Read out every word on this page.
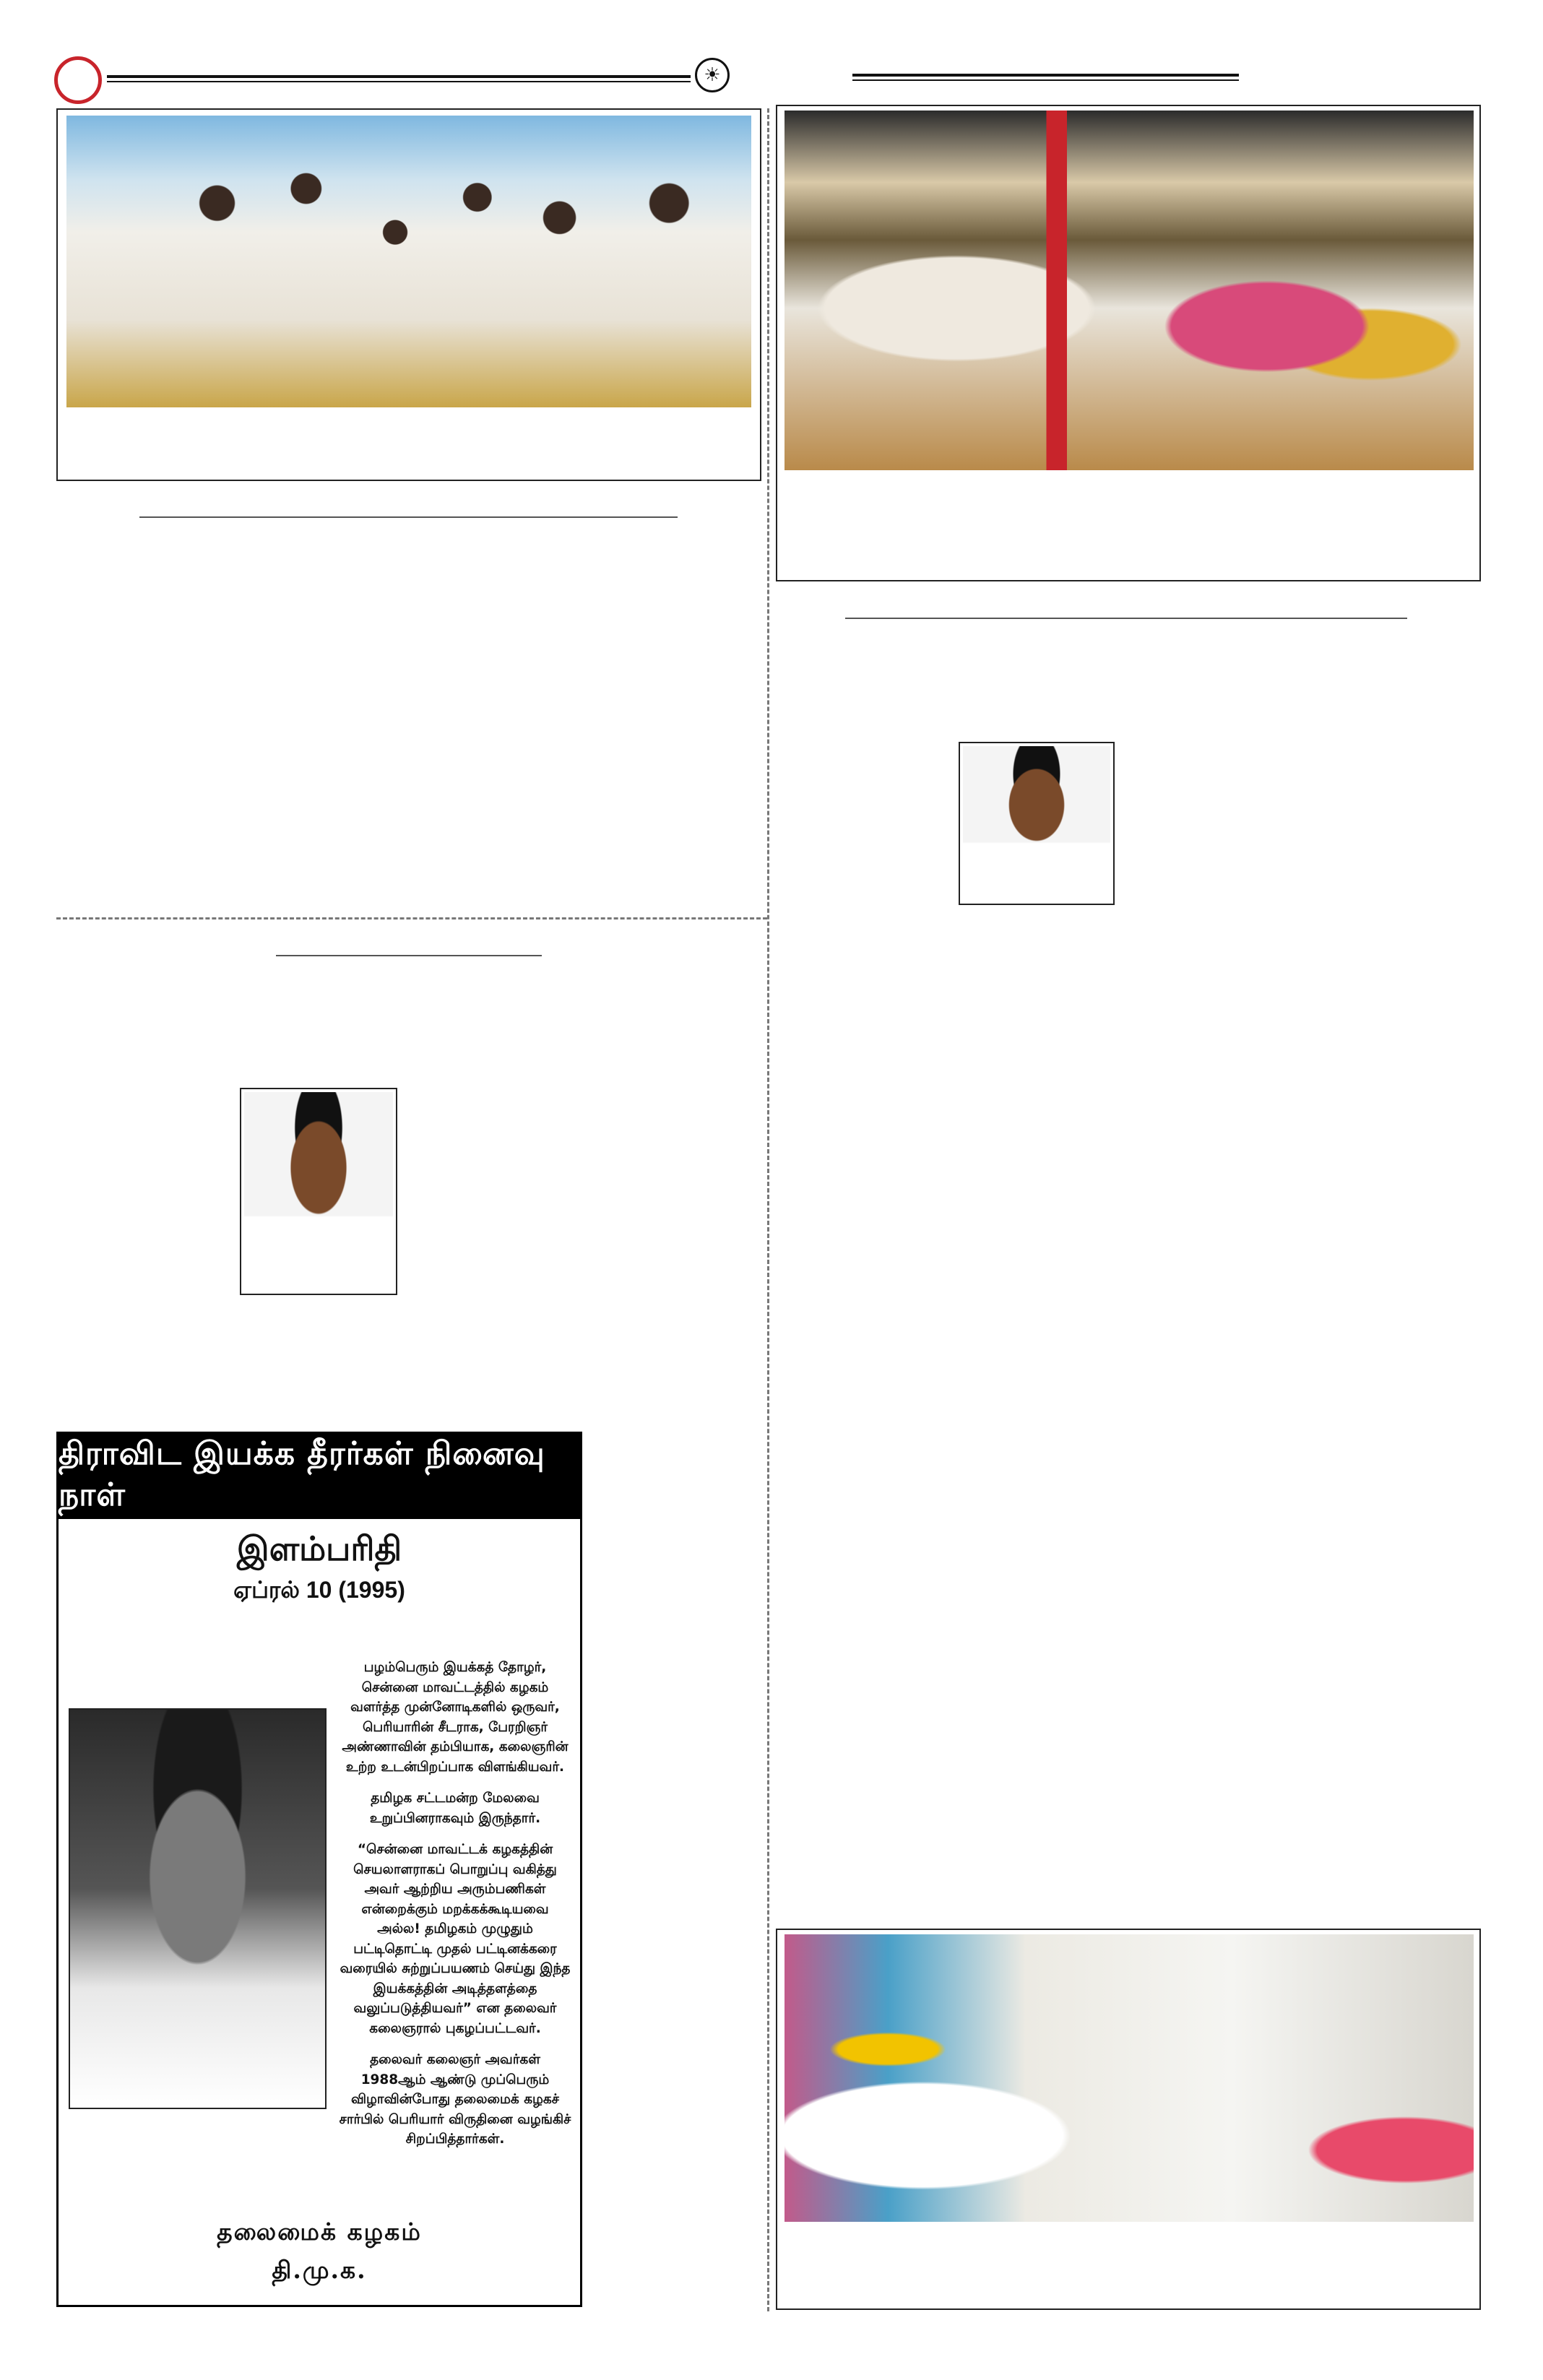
☀
திராவிட இயக்க தீரர்கள் நினைவு நாள்
இளம்பரிதி
ஏப்ரல் 10 (1995)

பழம்பெரும் இயக்கத் தோழர், சென்னை மாவட்டத்தில் கழகம் வளர்த்த முன்னோடிகளில் ஒருவர், பெரியாரின் சீடராக, பேரறிஞர் அண்ணாவின் தம்பியாக, கலைஞரின் உற்ற உடன்பிறப்பாக விளங்கியவர்.

தமிழக சட்டமன்ற மேலவை உறுப்பினராகவும் இருந்தார்.

“சென்னை மாவட்டக் கழகத்தின் செயலாளராகப் பொறுப்பு வகித்து அவர் ஆற்றிய அரும்பணிகள் என்றைக்கும் மறக்கக்கூடியவை அல்ல! தமிழகம் முழுதும் பட்டிதொட்டி முதல் பட்டினக்கரை வரையில் சுற்றுப்பயணம் செய்து இந்த இயக்கத்தின் அடித்தளத்தை வலுப்படுத்தியவர்” என தலைவர் கலைஞரால் புகழப்பட்டவர்.

தலைவர் கலைஞர் அவர்கள் 1988ஆம் ஆண்டு முப்பெரும் விழாவின்போது தலைமைக் கழகச் சார்பில் பெரியார் விருதினை வழங்கிச் சிறப்பித்தார்கள்.

தலைமைக் கழகம்
தி.மு.க.
